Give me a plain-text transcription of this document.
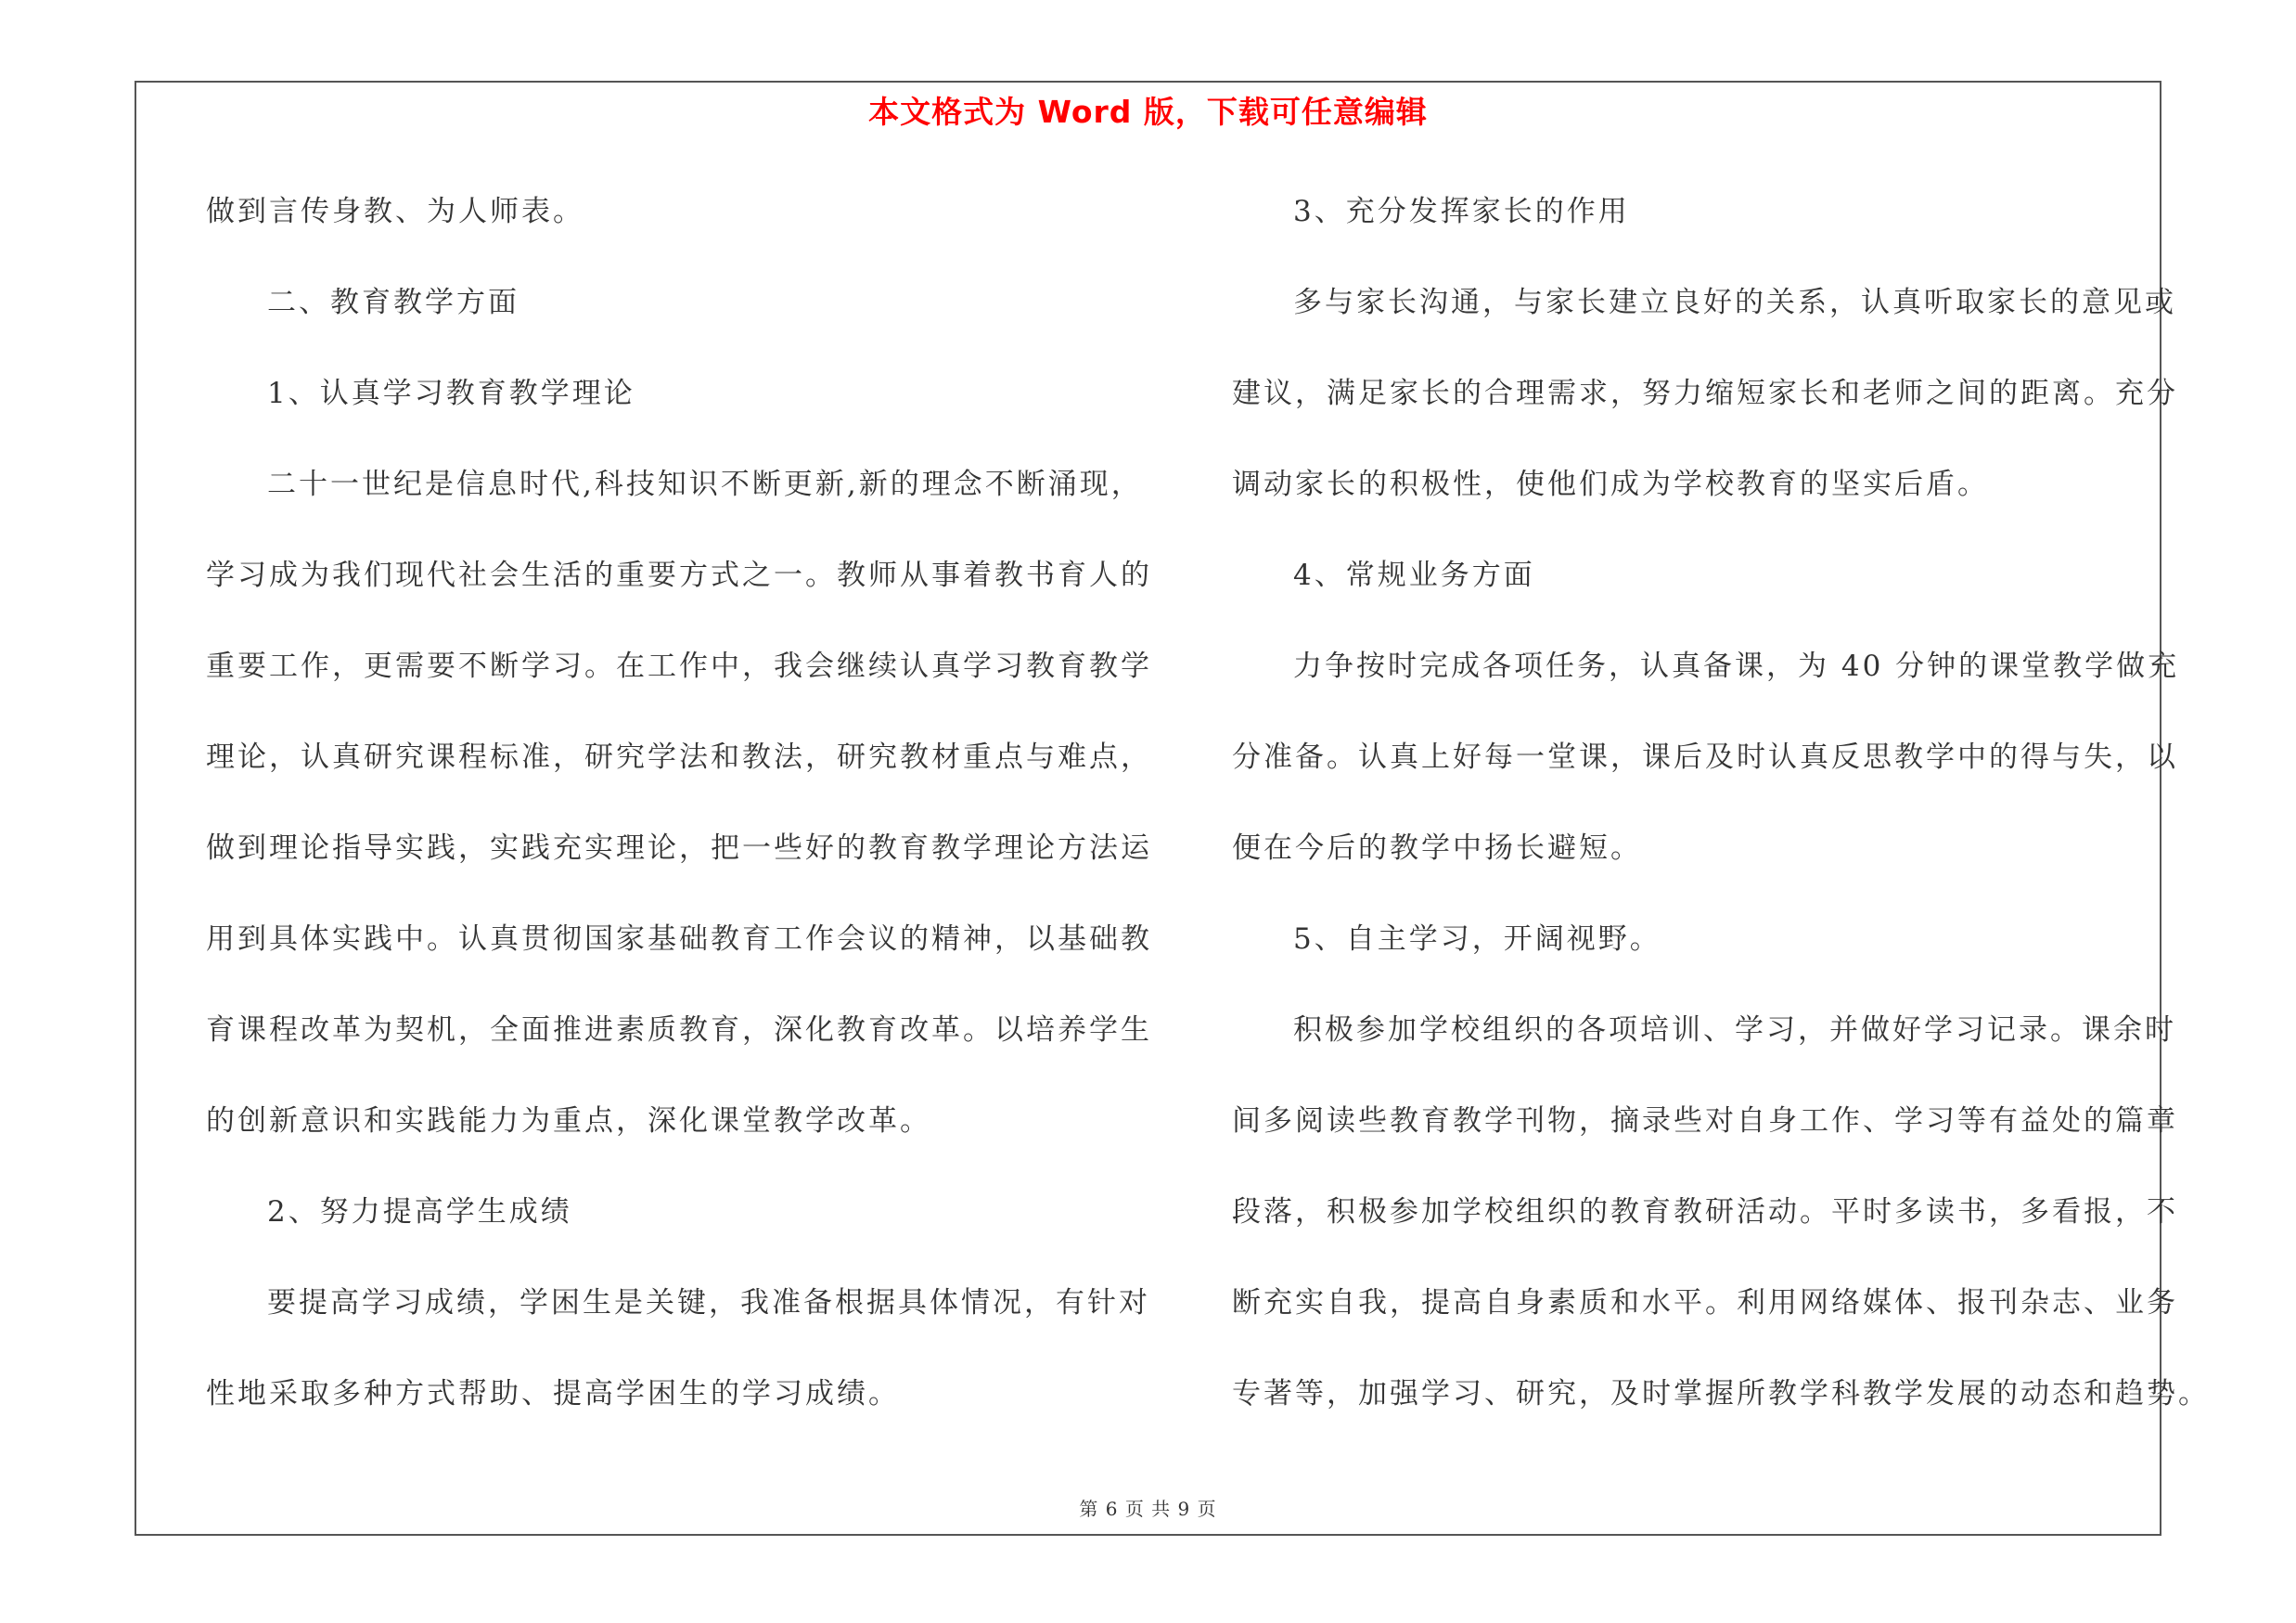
本文格式为 Word 版，下载可任意编辑
做到言传身教、为人师表。
二、教育教学方面
1、认真学习教育教学理论
二十一世纪是信息时代,科技知识不断更新,新的理念不断涌现，
学习成为我们现代社会生活的重要方式之一。教师从事着教书育人的
重要工作，更需要不断学习。在工作中，我会继续认真学习教育教学
理论，认真研究课程标准，研究学法和教法，研究教材重点与难点，
做到理论指导实践，实践充实理论，把一些好的教育教学理论方法运
用到具体实践中。认真贯彻国家基础教育工作会议的精神，以基础教
育课程改革为契机，全面推进素质教育，深化教育改革。以培养学生
的创新意识和实践能力为重点，深化课堂教学改革。
2、努力提高学生成绩
要提高学习成绩，学困生是关键，我准备根据具体情况，有针对
性地采取多种方式帮助、提高学困生的学习成绩。
3、充分发挥家长的作用
多与家长沟通，与家长建立良好的关系，认真听取家长的意见或
建议，满足家长的合理需求，努力缩短家长和老师之间的距离。充分
调动家长的积极性，使他们成为学校教育的坚实后盾。
4、常规业务方面
力争按时完成各项任务，认真备课，为 40 分钟的课堂教学做充
分准备。认真上好每一堂课，课后及时认真反思教学中的得与失，以
便在今后的教学中扬长避短。
5、自主学习，开阔视野。
积极参加学校组织的各项培训、学习，并做好学习记录。课余时
间多阅读些教育教学刊物，摘录些对自身工作、学习等有益处的篇章
段落，积极参加学校组织的教育教研活动。平时多读书，多看报，不
断充实自我，提高自身素质和水平。利用网络媒体、报刊杂志、业务
专著等，加强学习、研究，及时掌握所教学科教学发展的动态和趋势。
第 6 页 共 9 页
